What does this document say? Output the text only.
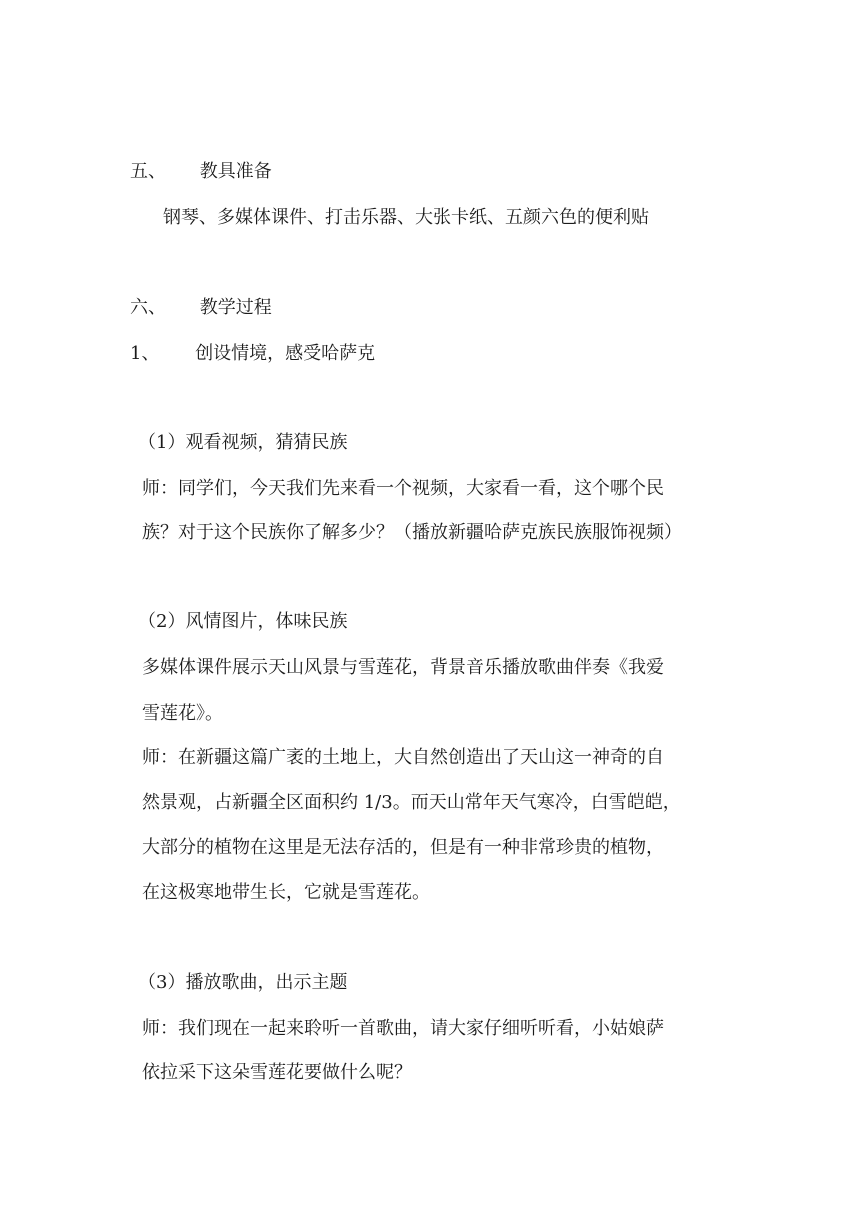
五、 教具准备

钢琴、多媒体课件、打击乐器、大张卡纸、五颜六色的便利贴

六、 教学过程

1、 创设情境，感受哈萨克

（1）观看视频，猜猜民族

师：同学们，今天我们先来看一个视频，大家看一看，这个哪个民

族？对于这个民族你了解多少？（播放新疆哈萨克族民族服饰视频）

（2）风情图片，体味民族

多媒体课件展示天山风景与雪莲花，背景音乐播放歌曲伴奏《我爱

雪莲花》。

师：在新疆这篇广袤的土地上，大自然创造出了天山这一神奇的自

然景观，占新疆全区面积约 1/3。而天山常年天气寒冷，白雪皑皑，

大部分的植物在这里是无法存活的，但是有一种非常珍贵的植物，

在这极寒地带生长，它就是雪莲花。

（3）播放歌曲，出示主题

师：我们现在一起来聆听一首歌曲，请大家仔细听听看，小姑娘萨

依拉采下这朵雪莲花要做什么呢？
